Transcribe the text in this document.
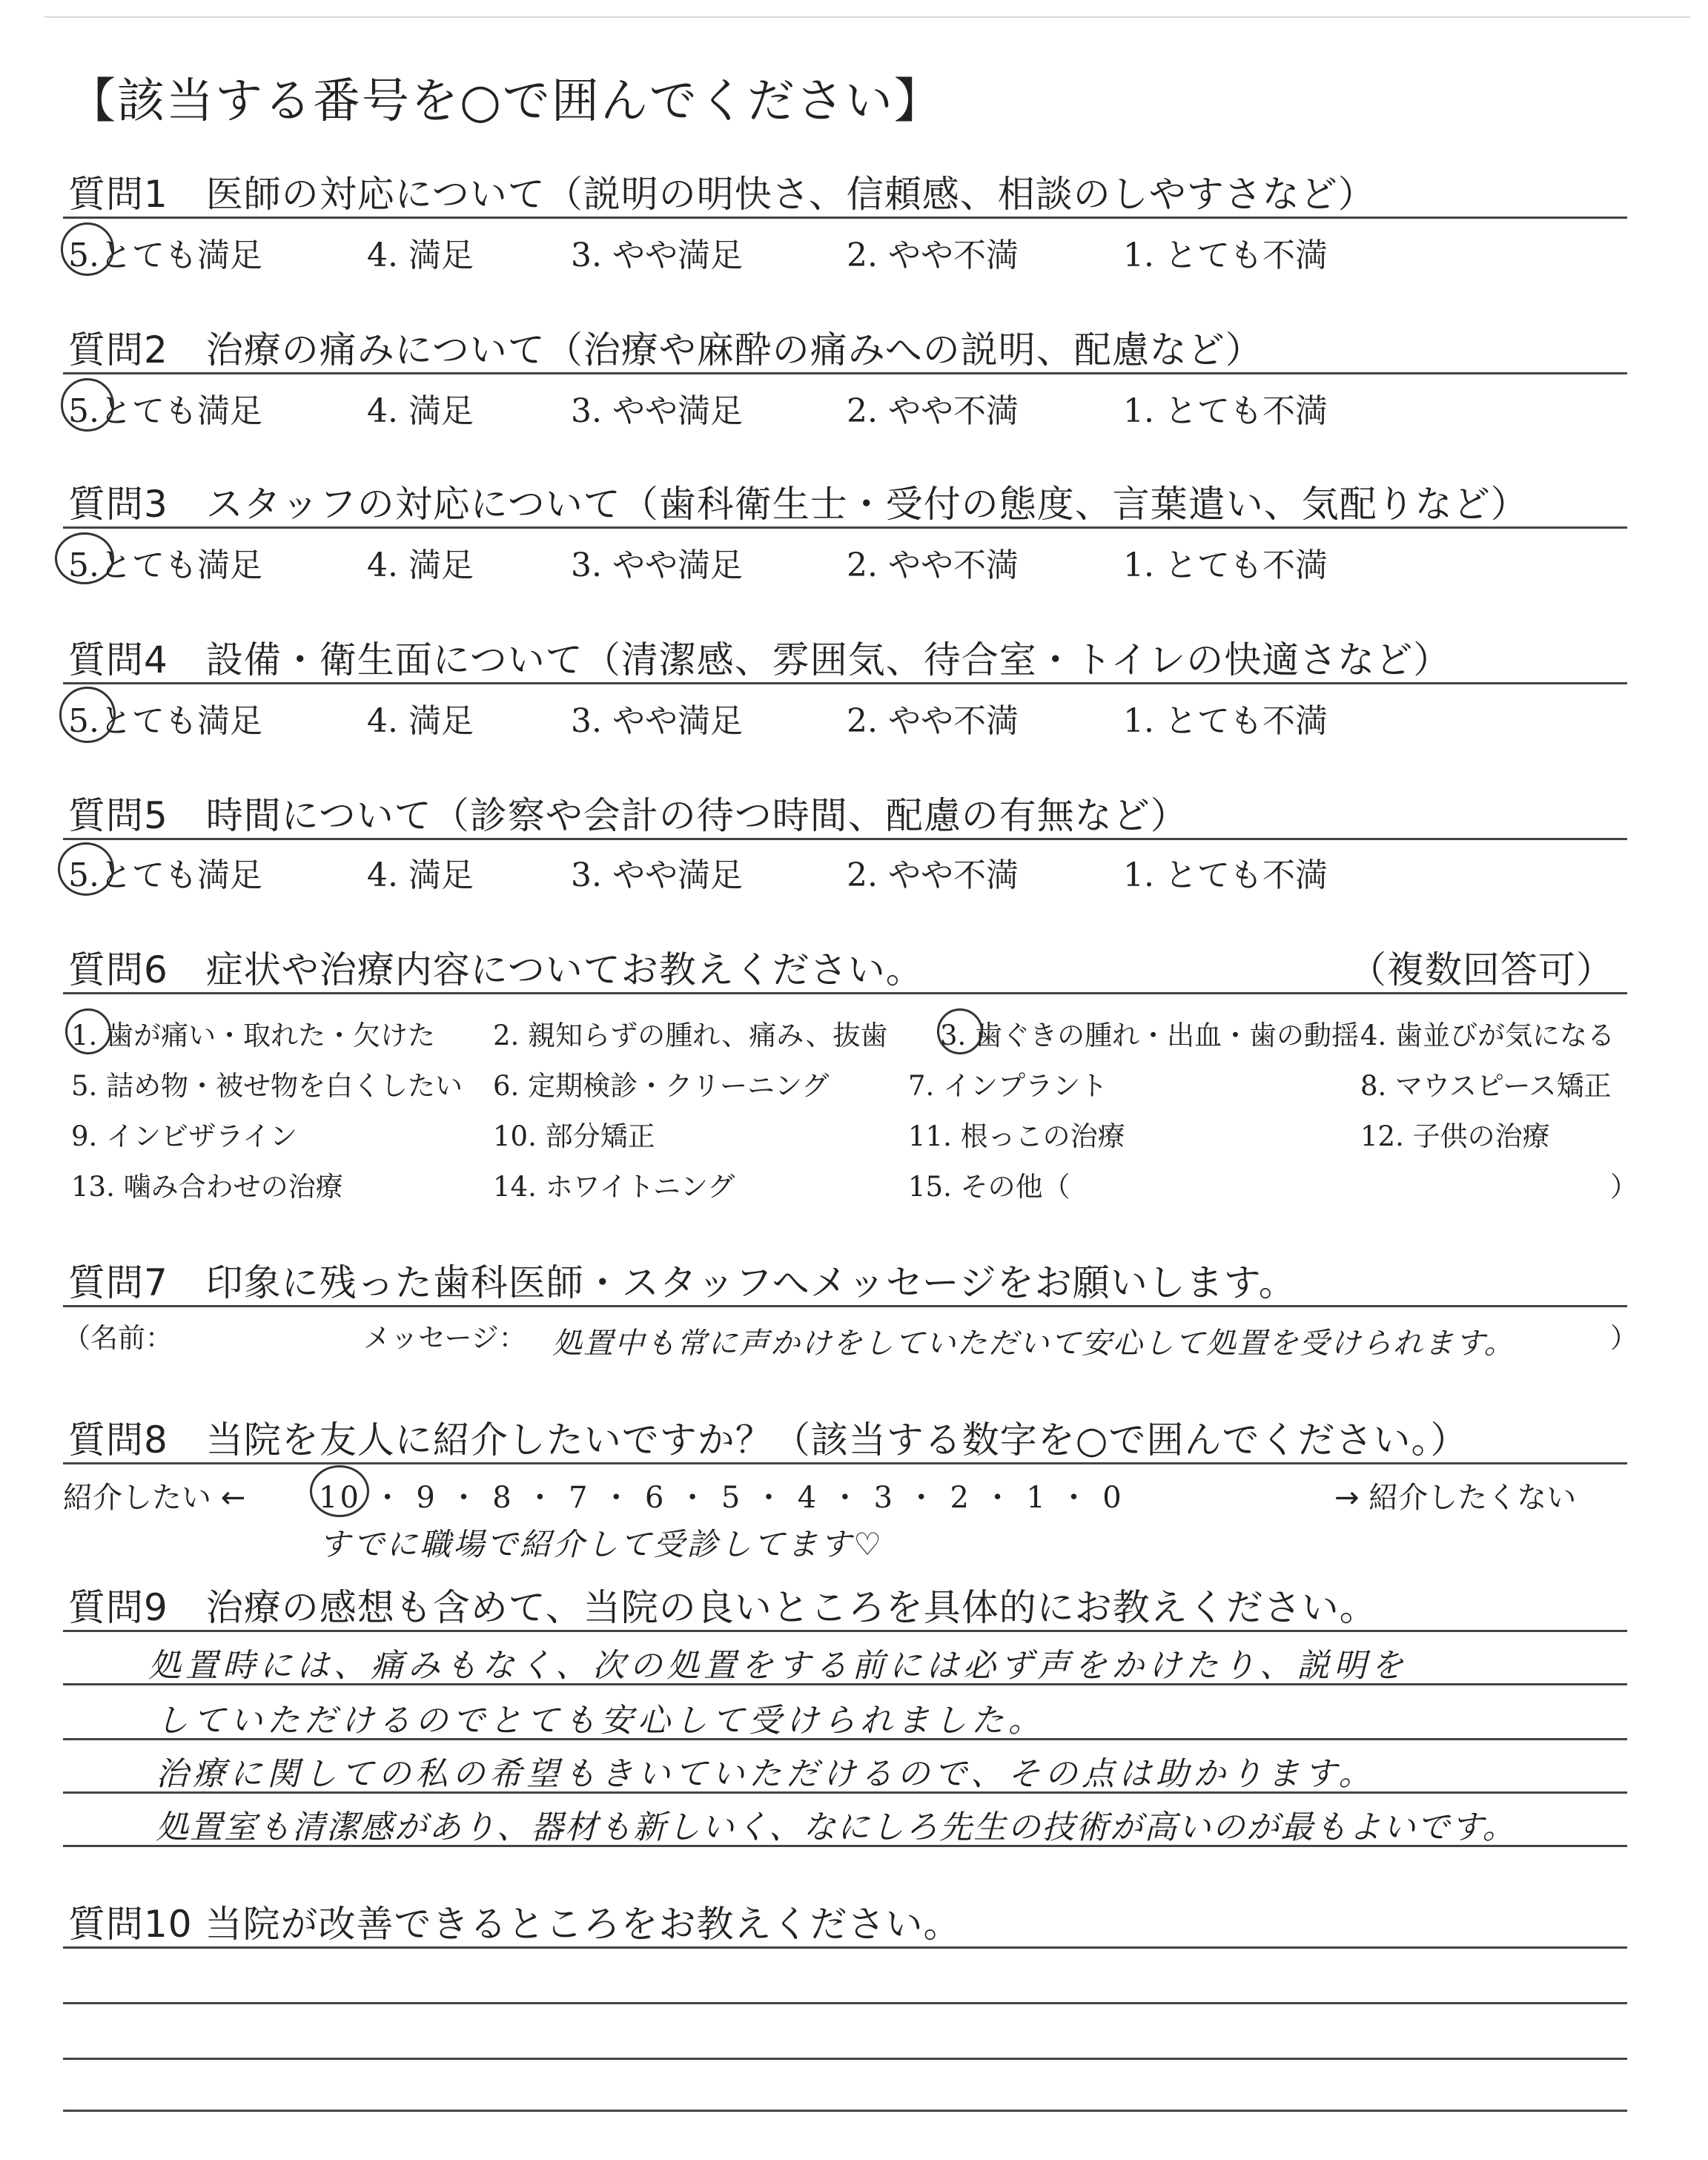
【該当する番号を○で囲んでください】
質問1　医師の対応について（説明の明快さ、信頼感、相談のしやすさなど）
5.とても満足	4. 満足	3. やや満足	2. やや不満	1. とても不満
質問2　治療の痛みについて（治療や麻酔の痛みへの説明、配慮など）
5.とても満足	4. 満足	3. やや満足	2. やや不満	1. とても不満
質問3　スタッフの対応について（歯科衛生士・受付の態度、言葉遣い、気配りなど）
5.とても満足	4. 満足	3. やや満足	2. やや不満	1. とても不満
質問4　設備・衛生面について（清潔感、雰囲気、待合室・トイレの快適さなど）
5.とても満足	4. 満足	3. やや満足	2. やや不満	1. とても不満
質問5　時間について（診察や会計の待つ時間、配慮の有無など）
5.とても満足	4. 満足	3. やや満足	2. やや不満	1. とても不満
質問6　症状や治療内容についてお教えください。	（複数回答可）
1. 歯が痛い・取れた・欠けた 2. 親知らずの腫れ、痛み、抜歯 3. 歯ぐきの腫れ・出血・歯の動揺 4. 歯並びが気になる
5. 詰め物・被せ物を白くしたい 6. 定期検診・クリーニング	7. インプラント	8. マウスピース矯正
9. インビザライン	10. 部分矯正	11. 根っこの治療	12. 子供の治療
13. 噛み合わせの治療	14. ホワイトニング	15. その他（	）
質問7　印象に残った歯科医師・スタッフへメッセージをお願いします。
（名前：	メッセージ： 処置中も常に声かけをしていただいて安心して処置を受けられます。	）
質問8　当院を友人に紹介したいですか？（該当する数字を○で囲んでください。）
紹介したい ← 10 ・ 9 ・ 8 ・ 7 ・ 6 ・ 5 ・ 4 ・ 3 ・ 2 ・ 1 ・ 0	→ 紹介したくない
すでに職場で紹介して受診してます♡
質問9　治療の感想も含めて、当院の良いところを具体的にお教えください。
処置時には、痛みもなく、次の処置をする前には必ず声をかけたり、説明を
していただけるのでとても安心して受けられました。
治療に関しての私の希望もきいていただけるので、その点は助かります。
処置室も清潔感があり、器材も新しいく、なにしろ先生の技術が高いのが最もよいです。
質問10 当院が改善できるところをお教えください。
